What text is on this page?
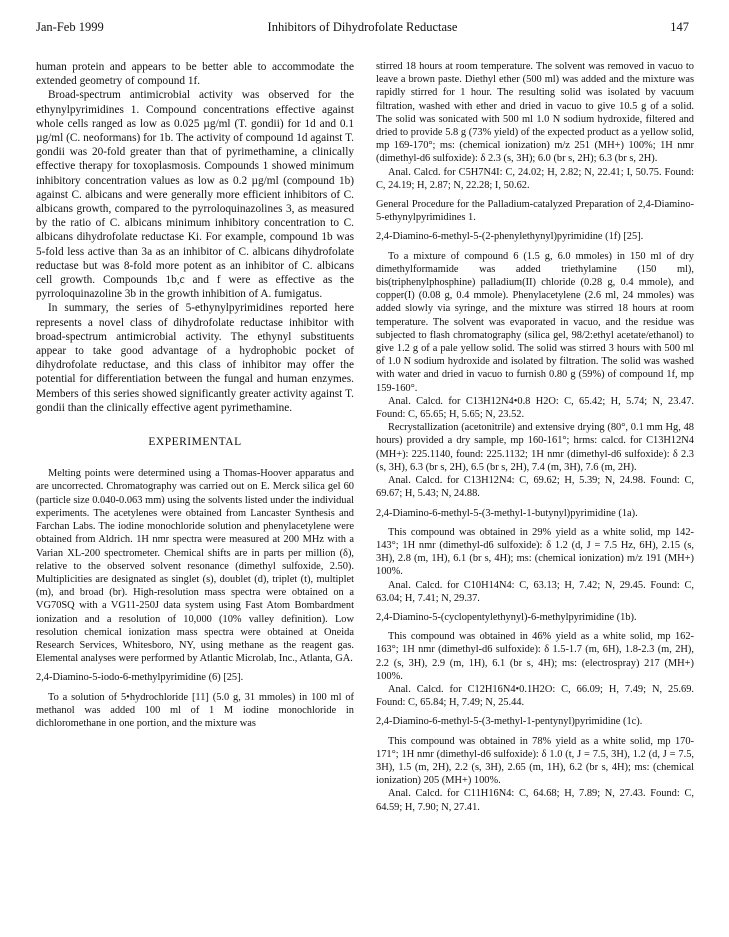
Jan-Feb 1999	Inhibitors of Dihydrofolate Reductase	147

human protein and appears to be better able to accommodate the extended geometry of compound 1f.

Broad-spectrum antimicrobial activity was observed for the ethynylpyrimidines 1. Compound concentrations effective against whole cells ranged as low as 0.025 µg/ml (T. gondii) for 1d and 0.1 µg/ml (C. neoformans) for 1b. The activity of compound 1d against T. gondii was 20-fold greater than that of pyrimethamine, a clinically effective therapy for toxoplasmosis. Compounds 1 showed minimum inhibitory concentration values as low as 0.2 µg/ml (compound 1b) against C. albicans and were generally more efficient inhibitors of C. albicans growth, compared to the pyrroloquinazolines 3, as measured by the ratio of C. albicans minimum inhibitory concentration to C. albicans dihydrofolate reductase Ki. For example, compound 1b was 5-fold less active than 3a as an inhibitor of C. albicans dihydrofolate reductase but was 8-fold more potent as an inhibitor of C. albicans cell growth. Compounds 1b,c and f were as effective as the pyrroloquinazoline 3b in the growth inhibition of A. fumigatus.

In summary, the series of 5-ethynylpyrimidines reported here represents a novel class of dihydrofolate reductase inhibitor with broad-spectrum antimicrobial activity. The ethynyl substituents appear to take good advantage of a hydrophobic pocket of dihydrofolate reductase, and this class of inhibitor may offer the potential for differentiation between the fungal and human enzymes. Members of this series showed significantly greater activity against T. gondii than the clinically effective agent pyrimethamine.

EXPERIMENTAL

Melting points were determined using a Thomas-Hoover apparatus and are uncorrected. Chromatography was carried out on E. Merck silica gel 60 (particle size 0.040-0.063 mm) using the solvents listed under the individual experiments. The acetylenes were obtained from Lancaster Synthesis and Farchan Labs. The iodine monochloride solution and phenylacetylene were obtained from Aldrich. 1H nmr spectra were measured at 200 MHz with a Varian XL-200 spectrometer. Chemical shifts are in parts per million (δ), relative to the observed solvent resonance (dimethyl sulfoxide, 2.50). Multiplicities are designated as singlet (s), doublet (d), triplet (t), multiplet (m), and broad (br). High-resolution mass spectra were obtained on a VG70SQ with a VG11-250J data system using Fast Atom Bombardment ionization and a resolution of 10,000 (10% valley definition). Low resolution chemical ionization mass spectra were obtained at Oneida Research Services, Whitesboro, NY, using methane as the reagent gas. Elemental analyses were performed by Atlantic Microlab, Inc., Atlanta, GA.

2,4-Diamino-5-iodo-6-methylpyrimidine (6) [25].

To a solution of 5•hydrochloride [11] (5.0 g, 31 mmoles) in 100 ml of methanol was added 100 ml of 1 M iodine monochloride in dichloromethane in one portion, and the mixture was

stirred 18 hours at room temperature. The solvent was removed in vacuo to leave a brown paste. Diethyl ether (500 ml) was added and the mixture was rapidly stirred for 1 hour. The resulting solid was isolated by vacuum filtration, washed with ether and dried in vacuo to give 10.5 g of a solid. The solid was sonicated with 500 ml 1.0 N sodium hydroxide, filtered and dried to provide 5.8 g (73% yield) of the expected product as a yellow solid, mp 169-170°; ms: (chemical ionization) m/z 251 (MH+) 100%; 1H nmr (dimethyl-d6 sulfoxide): δ 2.3 (s, 3H); 6.0 (br s, 2H); 6.3 (br s, 2H).

Anal. Calcd. for C5H7N4I: C, 24.02; H, 2.82; N, 22.41; I, 50.75. Found: C, 24.19; H, 2.87; N, 22.28; I, 50.62.

General Procedure for the Palladium-catalyzed Preparation of 2,4-Diamino-5-ethynylpyrimidines 1.

2,4-Diamino-6-methyl-5-(2-phenylethynyl)pyrimidine (1f) [25].

To a mixture of compound 6 (1.5 g, 6.0 mmoles) in 150 ml of dry dimethylformamide was added triethylamine (150 ml), bis(triphenylphosphine) palladium(II) chloride (0.28 g, 0.4 mmole), and copper(I) (0.08 g, 0.4 mmole). Phenylacetylene (2.6 ml, 24 mmoles) was added slowly via syringe, and the mixture was stirred 18 hours at room temperature. The solvent was evaporated in vacuo, and the residue was subjected to flash chromatography (silica gel, 98/2:ethyl acetate/ethanol) to give 1.2 g of a pale yellow solid. The solid was stirred 3 hours with 500 ml of 1.0 N sodium hydroxide and isolated by filtration. The solid was washed with water and dried in vacuo to furnish 0.80 g (59%) of compound 1f, mp 159-160°.

Anal. Calcd. for C13H12N4•0.8 H2O: C, 65.42; H, 5.74; N, 23.47. Found: C, 65.65; H, 5.65; N, 23.52.

Recrystallization (acetonitrile) and extensive drying (80°, 0.1 mm Hg, 48 hours) provided a dry sample, mp 160-161°; hrms: calcd. for C13H12N4 (MH+): 225.1140, found: 225.1132; 1H nmr (dimethyl-d6 sulfoxide): δ 2.3 (s, 3H), 6.3 (br s, 2H), 6.5 (br s, 2H), 7.4 (m, 3H), 7.6 (m, 2H).

Anal. Calcd. for C13H12N4: C, 69.62; H, 5.39; N, 24.98. Found: C, 69.67; H, 5.43; N, 24.88.

2,4-Diamino-6-methyl-5-(3-methyl-1-butynyl)pyrimidine (1a).

This compound was obtained in 29% yield as a white solid, mp 142-143°; 1H nmr (dimethyl-d6 sulfoxide): δ 1.2 (d, J = 7.5 Hz, 6H), 2.15 (s, 3H), 2.8 (m, 1H), 6.1 (br s, 4H); ms: (chemical ionization) m/z 191 (MH+) 100%.

Anal. Calcd. for C10H14N4: C, 63.13; H, 7.42; N, 29.45. Found: C, 63.04; H, 7.41; N, 29.37.

2,4-Diamino-5-(cyclopentylethynyl)-6-methylpyrimidine (1b).

This compound was obtained in 46% yield as a white solid, mp 162-163°; 1H nmr (dimethyl-d6 sulfoxide): δ 1.5-1.7 (m, 6H), 1.8-2.3 (m, 2H), 2.2 (s, 3H), 2.9 (m, 1H), 6.1 (br s, 4H); ms: (electrospray) 217 (MH+) 100%.

Anal. Calcd. for C12H16N4•0.1H2O: C, 66.09; H, 7.49; N, 25.69. Found: C, 65.84; H, 7.49; N, 25.44.

2,4-Diamino-6-methyl-5-(3-methyl-1-pentynyl)pyrimidine (1c).

This compound was obtained in 78% yield as a white solid, mp 170-171°; 1H nmr (dimethyl-d6 sulfoxide): δ 1.0 (t, J = 7.5, 3H), 1.2 (d, J = 7.5, 3H), 1.5 (m, 2H), 2.2 (s, 3H), 2.65 (m, 1H), 6.2 (br s, 4H); ms: (chemical ionization) 205 (MH+) 100%.

Anal. Calcd. for C11H16N4: C, 64.68; H, 7.89; N, 27.43. Found: C, 64.59; H, 7.90; N, 27.41.
